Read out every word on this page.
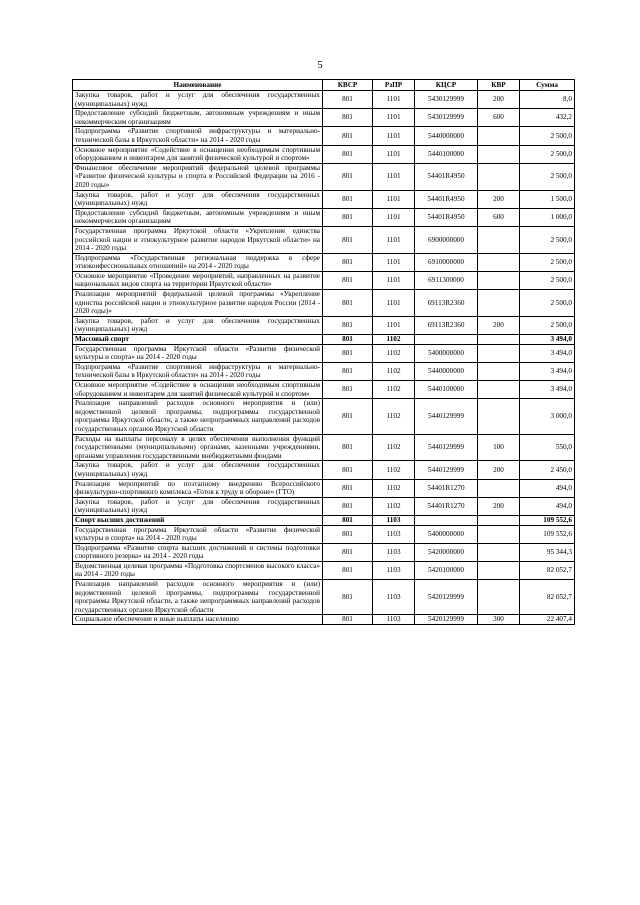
5
Наименование	КВСР	РзПР	КЦСР	КВР	Сумма
Закупка товаров, работ и услуг для обеспечения государственных (муниципальных) нужд	801	1101	5430129999	200	8,0
Предоставление субсидий бюджетным, автономным учреждениям и иным некоммерческим организациям	801	1101	5430129999	600	432,2
Подпрограмма «Развитие спортивной инфраструктуры и материально- технической базы в Иркутской области» на 2014 - 2020 годы	801	1101	5440000000		2 500,0
Основное мероприятие «Содействие в оснащении необходимым спортивным оборудованием и инвентарем для занятий физической культурой и спортом»	801	1101	5440100000		2 500,0
Финансовое обеспечение мероприятий федеральной целевой программы «Развитие физической культуры и спорта в Российской Федерации на 2016 - 2020 годы»	801	1101	54401R4950		2 500,0
Закупка товаров, работ и услуг для обеспечения государственных (муниципальных) нужд	801	1101	54401R4950	200	1 500,0
Предоставление субсидий бюджетным, автономным учреждениям и иным некоммерческим организациям	801	1101	54401R4950	600	1 000,0
Государственная программа Иркутской области «Укрепление единства российской нации и этнокультурное развитие народов Иркутской области» на 2014 - 2020 годы	801	1101	6900000000		2 500,0
Подпрограмма «Государственная региональная поддержка в сфере этноконфессиональных отношений» на 2014 - 2020 годы	801	1101	6910000000		2 500,0
Основное мероприятие «Проведение мероприятий, направленных на развитие национальных видов спорта на территории Иркутской области»	801	1101	6911300000		2 500,0
Реализация мероприятий федеральной целевой программы «Укрепление единства российской нации и этнокультурное развитие народов России (2014 - 2020 годы)»	801	1101	69113R2360		2 500,0
Закупка товаров, работ и услуг для обеспечения государственных (муниципальных) нужд	801	1101	69113R2360	200	2 500,0
Массовый спорт	801	1102			3 494,0
Государственная программа Иркутской области «Развитие физической культуры и спорта» на 2014 - 2020 годы	801	1102	5400000000		3 494,0
Подпрограмма «Развитие спортивной инфраструктуры и материально- технической базы в Иркутской области» на 2014 - 2020 годы	801	1102	5440000000		3 494,0
Основное мероприятие «Содействие в оснащении необходимым спортивным оборудованием и инвентарем для занятий физической культурой и спортом»	801	1102	5440100000		3 494,0
Реализация направлений расходов основного мероприятия и (или) ведомственной целевой программы, подпрограммы государственной программы Иркутской области, а также непрограммных направлений расходов государственных органов Иркутской области	801	1102	5440129999		3 000,0
Расходы на выплаты персоналу в целях обеспечения выполнения функций государственными (муниципальными) органами, казенными учреждениями, органами управления государственными внебюджетными фондами	801	1102	5440129999	100	550,0
Закупка товаров, работ и услуг для обеспечения государственных (муниципальных) нужд	801	1102	5440129999	200	2 450,0
Реализация мероприятий по поэтапному внедрению Всероссийского физкультурно-спортивного комплекса «Готов к труду и обороне» (ГТО)	801	1102	54401R1270		494,0
Закупка товаров, работ и услуг для обеспечения государственных (муниципальных) нужд	801	1102	54401R1270	200	494,0
Спорт высших достижений	801	1103			109 552,6
Государственная программа Иркутской области «Развитие физической культуры и спорта» на 2014 - 2020 годы	801	1103	5400000000		109 552,6
Подпрограмма «Развитие спорта высших достижений и системы подготовки спортивного резерва» на 2014 - 2020 годы	801	1103	5420000000		95 344,3
Ведомственная целевая программа «Подготовка спортсменов высокого класса» на 2014 - 2020 годы	801	1103	5420100000		82 052,7
Реализация направлений расходов основного мероприятия и (или) ведомственной целевой программы, подпрограммы государственной программы Иркутской области, а также непрограммных направлений расходов государственных органов Иркутской области	801	1103	5420129999		82 052,7
Социальное обеспечение и иные выплаты населению	801	1103	5420129999	300	22 407,4
